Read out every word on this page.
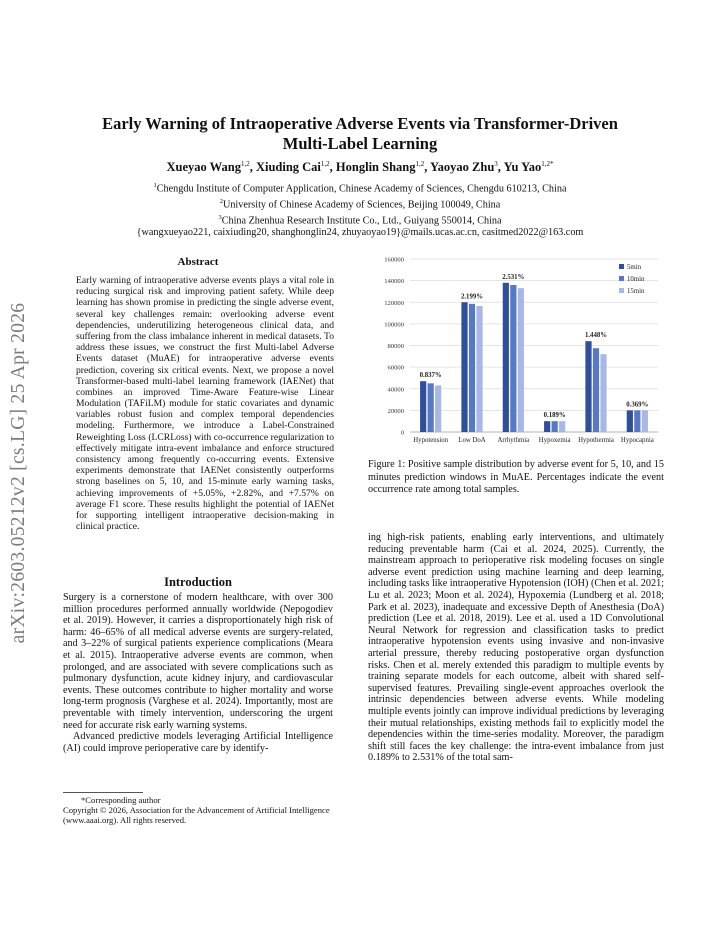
Early Warning of Intraoperative Adverse Events via Transformer-Driven
Multi-Label Learning
Xueyao Wang$^{1,2}$, Xiuding Cai$^{1,2}$, Honglin Shang$^{1,2}$, Yaoyao Zhu$^3$, Yu Yao$^{1,2*}$
$^1$Chengdu Institute of Computer Application, Chinese Academy of Sciences, Chengdu 610213, China
$^2$University of Chinese Academy of Sciences, Beijing 100049, China
$^3$China Zhenhua Research Institute Co., Ltd., Guiyang 550014, China
{wangxueyao221, caixiuding20, shanghonglin24, zhuyaoyao19}@mails.ucas.ac.cn, casitmed2022@163.com
arXiv:2603.05212v2 [cs.LG] 25 Apr 2026
Abstract
Early warning of intraoperative adverse events plays a vital role in reducing surgical risk and improving patient safety. While deep learning has shown promise in predicting the single adverse event, several key challenges remain: overlooking adverse event dependencies, underutilizing heterogeneous clinical data, and suffering from the class imbalance inherent in medical datasets. To address these issues, we construct the first Multi-label Adverse Events dataset (MuAE) for intraoperative adverse events prediction, covering six critical events. Next, we propose a novel Transformer-based multi-label learning framework (IAENet) that combines an improved Time-Aware Feature-wise Linear Modulation (TAFiLM) module for static covariates and dynamic variables robust fusion and complex temporal dependencies modeling. Furthermore, we introduce a Label-Constrained Reweighting Loss (LCRLoss) with co-occurrence regularization to effectively mitigate intra-event imbalance and enforce structured consistency among frequently co-occurring events. Extensive experiments demonstrate that IAENet consistently outperforms strong baselines on 5, 10, and 15-minute early warning tasks, achieving improvements of +5.05%, +2.82%, and +7.57% on average F1 score. These results highlight the potential of IAENet for supporting intelligent intraoperative decision-making in clinical practice.
Introduction

Surgery is a cornerstone of modern healthcare, with over 300 million procedures performed annually worldwide (Nepogodiev et al. 2019). However, it carries a disproportionately high risk of harm: 46–65% of all medical adverse events are surgery-related, and 3–22% of surgical patients experience complications (Meara et al. 2015). Intraoperative adverse events are common, when prolonged, and are associated with severe complications such as pulmonary dysfunction, acute kidney injury, and cardiovascular events. These outcomes contribute to higher mortality and worse long-term prognosis (Varghese et al. 2024). Importantly, most are preventable with timely intervention, underscoring the urgent need for accurate risk early warning systems.

Advanced predictive models leveraging Artificial Intelligence (AI) could improve perioperative care by identify-

*Corresponding author
Copyright © 2026, Association for the Advancement of Artificial Intelligence (www.aaai.org). All rights reserved.
0
20000
40000
60000
80000
100000
120000
140000
160000
0.837%
Hypotension
2.199%
Low DoA
2.531%
Arrhythmia
0.189%
Hypoxemia
1.448%
Hypothermia
0.369%
Hypocapnia
5min
10min
15min
Figure 1: Positive sample distribution by adverse event for 5, 10, and 15 minutes prediction windows in MuAE. Percentages indicate the event occurrence rate among total samples.
ing high-risk patients, enabling early interventions, and ultimately reducing preventable harm (Cai et al. 2024, 2025). Currently, the mainstream approach to perioperative risk modeling focuses on single adverse event prediction using machine learning and deep learning, including tasks like intraoperative Hypotension (IOH) (Chen et al. 2021; Lu et al. 2023; Moon et al. 2024), Hypoxemia (Lundberg et al. 2018; Park et al. 2023), inadequate and excessive Depth of Anesthesia (DoA) prediction (Lee et al. 2018, 2019). Lee et al. used a 1D Convolutional Neural Network for regression and classification tasks to predict intraoperative hypotension events using invasive and non-invasive arterial pressure, thereby reducing postoperative organ dysfunction risks. Chen et al. merely extended this paradigm to multiple events by training separate models for each outcome, albeit with shared self-supervised features. Prevailing single-event approaches overlook the intrinsic dependencies between adverse events. While modeling multiple events jointly can improve individual predictions by leveraging their mutual relationships, existing methods fail to explicitly model the dependencies within the time-series modality. Moreover, the paradigm shift still faces the key challenge: the intra-event imbalance from just 0.189% to 2.531% of the total sam-
